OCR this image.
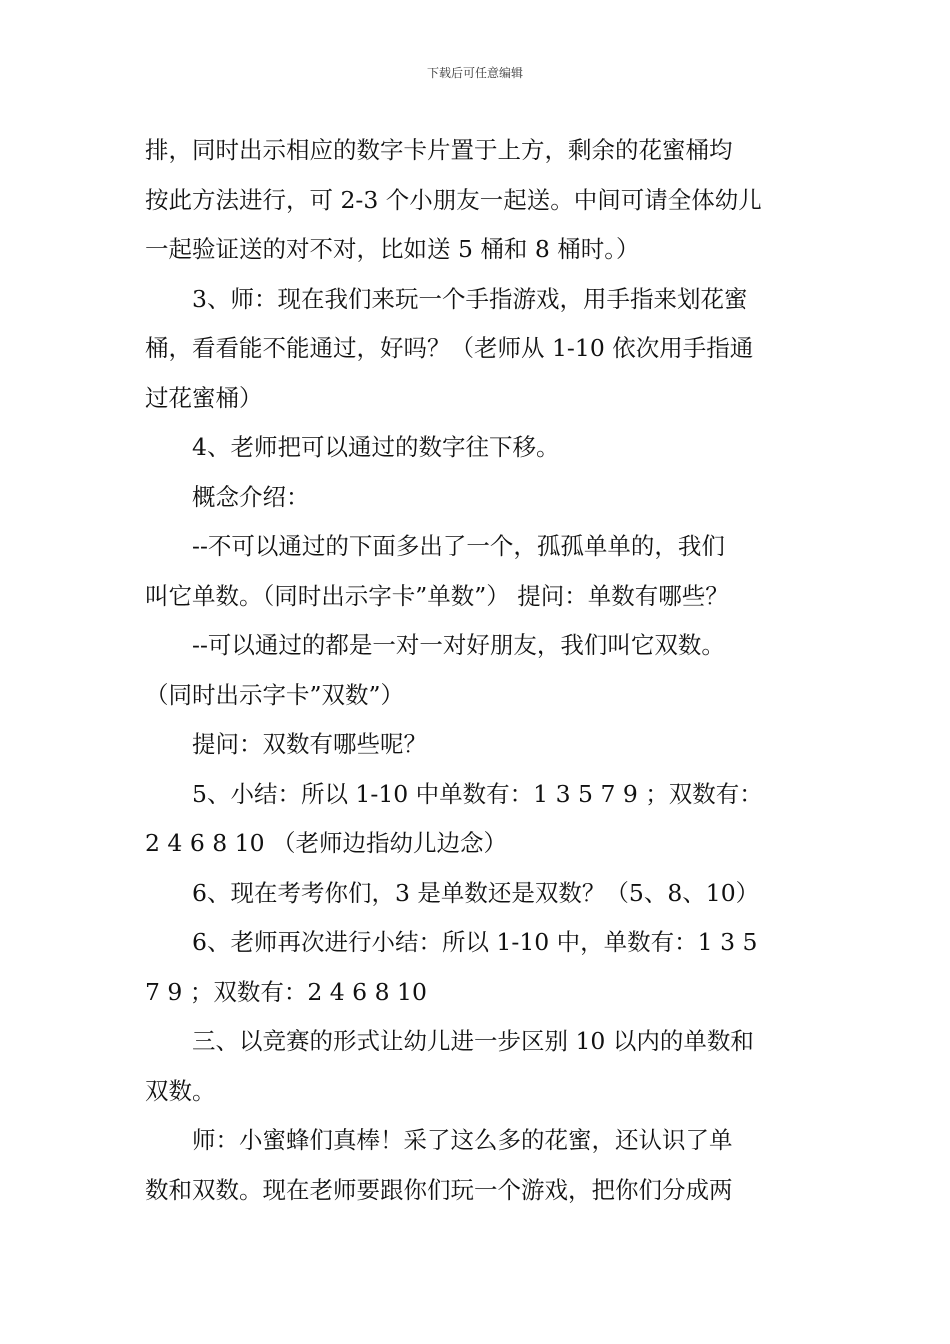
下载后可任意编辑

排，同时出示相应的数字卡片置于上方，剩余的花蜜桶均

按此方法进行，可 2-3 个小朋友一起送。中间可请全体幼儿

一起验证送的对不对，比如送 5 桶和 8 桶时。）

3、师：现在我们来玩一个手指游戏，用手指来划花蜜

桶，看看能不能通过，好吗？（老师从 1-10 依次用手指通

过花蜜桶）

4、老师把可以通过的数字往下移。

概念介绍：

--不可以通过的下面多出了一个，孤孤单单的，我们

叫它单数。（同时出示字卡”单数”） 提问：单数有哪些？

--可以通过的都是一对一对好朋友，我们叫它双数。

（同时出示字卡”双数”）

提问：双数有哪些呢？

5、小结：所以 1-10 中单数有：1 3 5 7 9 ；双数有：

2 4 6 8 10 （老师边指幼儿边念）

6、现在考考你们，3 是单数还是双数？（5、8、10）

6、老师再次进行小结：所以 1-10 中，单数有：1 3 5

7 9 ；双数有：2 4 6 8 10

三、以竞赛的形式让幼儿进一步区别 10 以内的单数和

双数。

师：小蜜蜂们真棒！采了这么多的花蜜，还认识了单

数和双数。现在老师要跟你们玩一个游戏，把你们分成两
